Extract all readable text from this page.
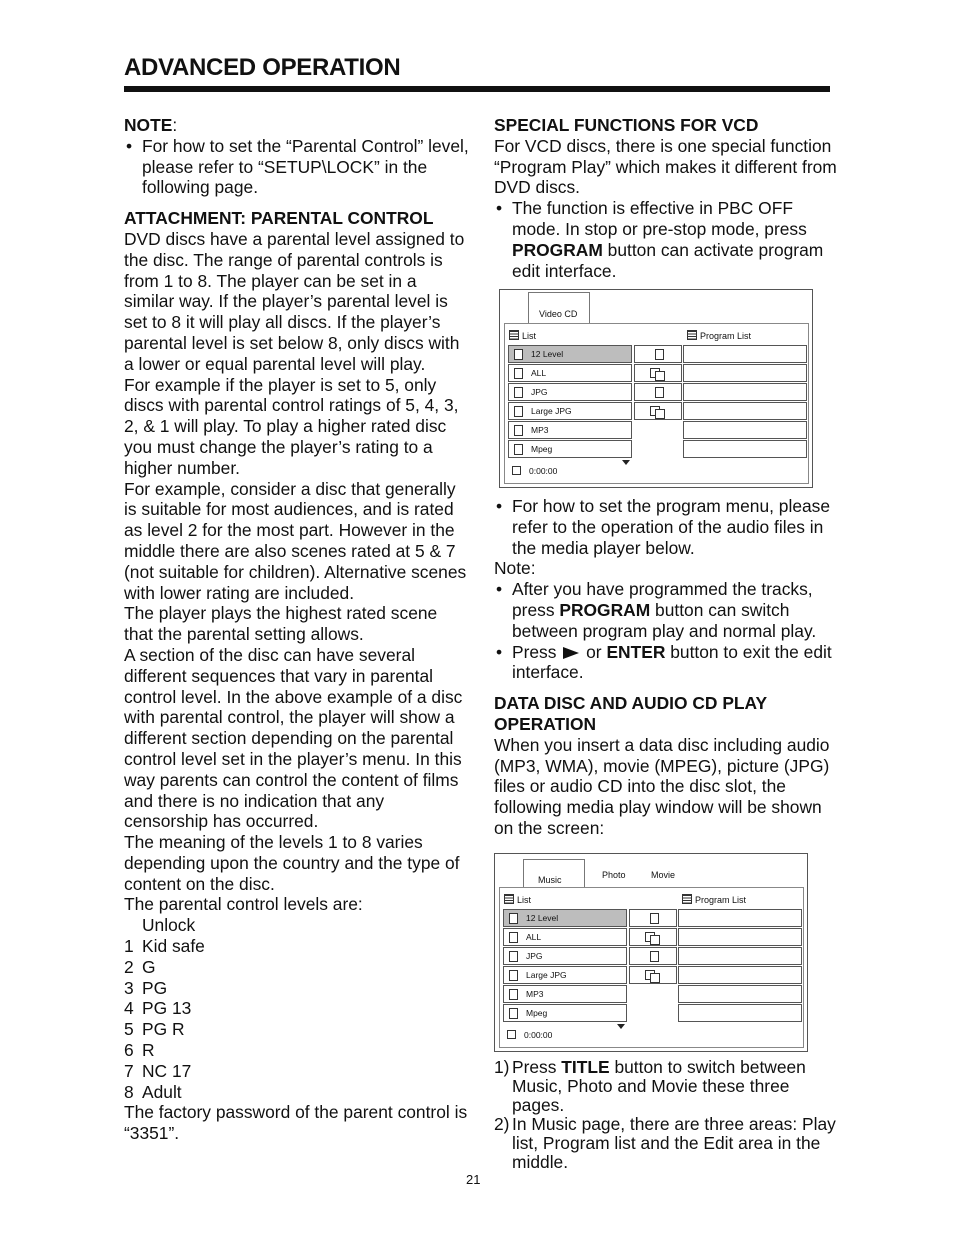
ADVANCED OPERATION

NOTE:

• For how to set the “Parental Control” level, please refer to “SETUP\LOCK” in the following page.

ATTACHMENT: PARENTAL CONTROL

DVD discs have a parental level assigned to the disc. The range of parental controls is from 1 to 8. The player can be set in a similar way. If the player’s parental level is set to 8 it will play all discs. If the player’s parental level is set below 8, only discs with a lower or equal parental level will play.

For example if the player is set to 5, only discs with parental control ratings of 5, 4, 3, 2, & 1 will play. To play a higher rated disc you must change the player’s rating to a higher number.

For example, consider a disc that generally is suitable for most audiences, and is rated as level 2 for the most part. However in the middle there are also scenes rated at 5 & 7 (not suitable for children). Alternative scenes with lower rating are included.

The player plays the highest rated scene that the parental setting allows.

A section of the disc can have several different sequences that vary in parental control level. In the above example of a disc with parental control, the player will show a different section depending on the parental control level set in the player’s menu. In this way parents can control the content of films and there is no indication that any censorship has occurred.

The meaning of the levels 1 to 8 varies depending upon the country and the type of content on the disc.

The parental control levels are:

Unlock

1 Kid safe

2 G

3 PG

4 PG 13

5 PG R

6 R

7 NC 17

8 Adult

The factory password of the parent control is “3351”.

SPECIAL FUNCTIONS FOR VCD

For VCD discs, there is one special function “Program Play” which makes it different from DVD discs.

• The function is effective in PBC OFF mode. In stop or pre-stop mode, press PROGRAM button can activate program edit interface.

Video CD
List	Program List
12 Level
ALL
JPG
Large JPG
MP3
Mpeg
0:00:00

• For how to set the program menu, please refer to the operation of the audio files in the media player below.

Note:

• After you have programmed the tracks, press PROGRAM button can switch between program play and normal play.

• Press  or ENTER button to exit the edit interface.

DATA DISC AND AUDIO CD PLAY OPERATION

When you insert a data disc including audio (MP3, WMA), movie (MPEG), picture (JPG) files or audio CD into the disc slot, the following media play window will be shown on the screen:

Music	Photo	Movie
List	Program List
12 Level
ALL
JPG
Large JPG
MP3
Mpeg
0:00:00

1) Press TITLE button to switch between Music, Photo and Movie these three pages.

2) In Music page, there are three areas: Play list, Program list and the Edit area in the middle.

21
